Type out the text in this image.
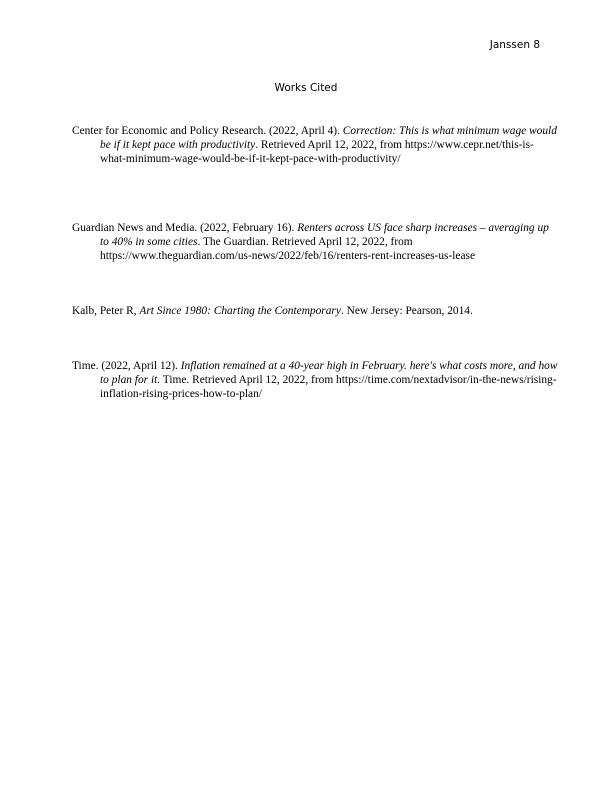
Janssen 8
Works Cited

Center for Economic and Policy Research. (2022, April 4). Correction: This is what minimum wage would be if it kept pace with productivity. Retrieved April 12, 2022, from https://www.cepr.net/this-is-what-minimum-wage-would-be-if-it-kept-pace-with-productivity/

Guardian News and Media. (2022, February 16). Renters across US face sharp increases – averaging up to 40% in some cities. The Guardian. Retrieved April 12, 2022, from https://www.theguardian.com/us-news/2022/feb/16/renters-rent-increases-us-lease

Kalb, Peter R, Art Since 1980: Charting the Contemporary. New Jersey: Pearson, 2014.

Time. (2022, April 12). Inflation remained at a 40-year high in February. here's what costs more, and how to plan for it. Time. Retrieved April 12, 2022, from https://time.com/nextadvisor/in-the-news/rising-inflation-rising-prices-how-to-plan/
